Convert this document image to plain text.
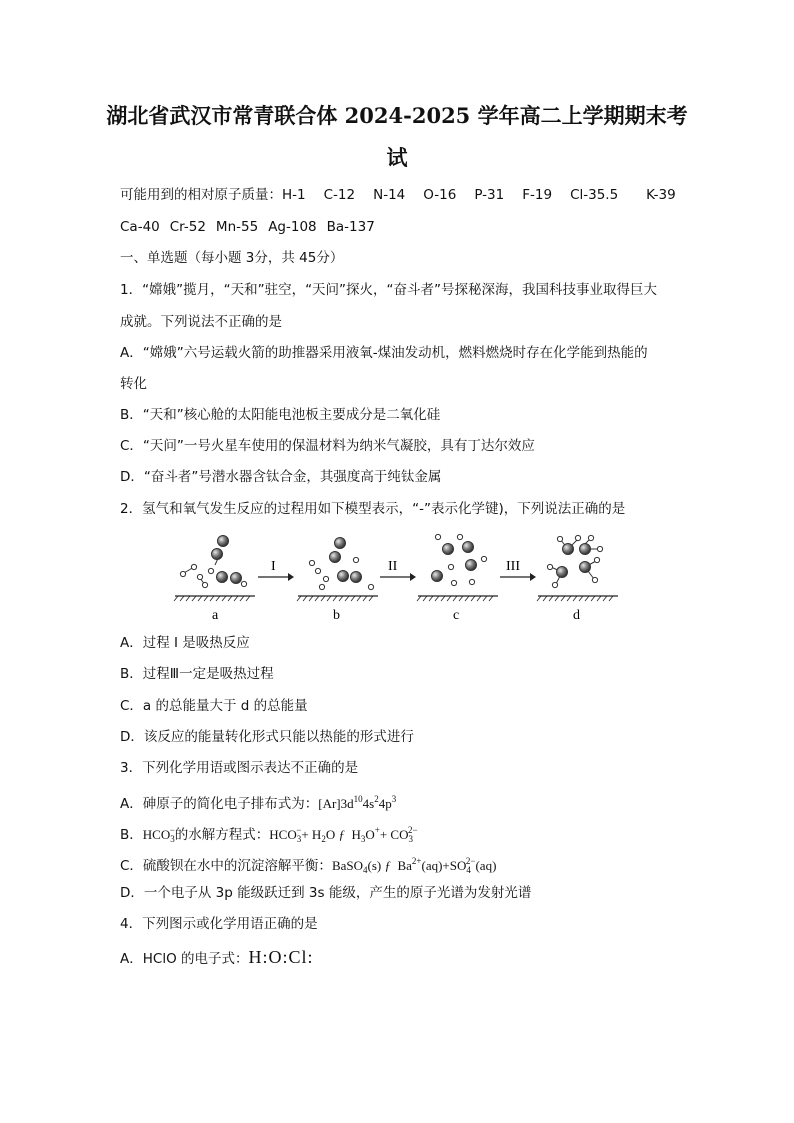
湖北省武汉市常青联合体 2024-2025 学年高二上学期期末考
试
可能用到的相对原子质量：H-1 C-12 N-14 O-16 P-31 F-19 Cl-35.5 K-39
Ca-40 Cr-52 Mn-55 Ag-108 Ba-137
一、单选题（每小题 3分，共 45分）
1．“嫦娥”揽月，“天和”驻空，“天问”探火，“奋斗者”号探秘深海，我国科技事业取得巨大
成就。下列说法不正确的是
A．“嫦娥”六号运载火箭的助推器采用液氧-煤油发动机，燃料燃烧时存在化学能到热能的
转化
B．“天和”核心舱的太阳能电池板主要成分是二氧化硅
C．“天问”一号火星车使用的保温材料为纳米气凝胶，具有丁达尔效应
D．“奋斗者”号潜水器含钛合金，其强度高于纯钛金属
2．氢气和氧气发生反应的过程用如下模型表示，“-”表示化学键)，下列说法正确的是
I	II	III
a	b	c	d
A．过程 I 是吸热反应
B．过程Ⅲ一定是吸热过程
C．a 的总能量大于 d 的总能量
D．该反应的能量转化形式只能以热能的形式进行
3．下列化学用语或图示表达不正确的是
A．砷原子的简化电子排布式为：$[Ar]3d^{10}4s^24p^3$
B．$HCO_3^-$的水解方程式：$HCO_3^-+ H_2O$ ƒ $H_3O^++ CO_3^{2-}$
C．硫酸钡在水中的沉淀溶解平衡：BaSO$_4$(s) ƒ $Ba^{2+}(aq)+SO_4^{2-}(aq)$
D．一个电子从 3p 能级跃迁到 3s 能级，产生的原子光谱为发射光谱
4．下列图示或化学用语正确的是
A．HClO 的电子式：H:O:Cl:
